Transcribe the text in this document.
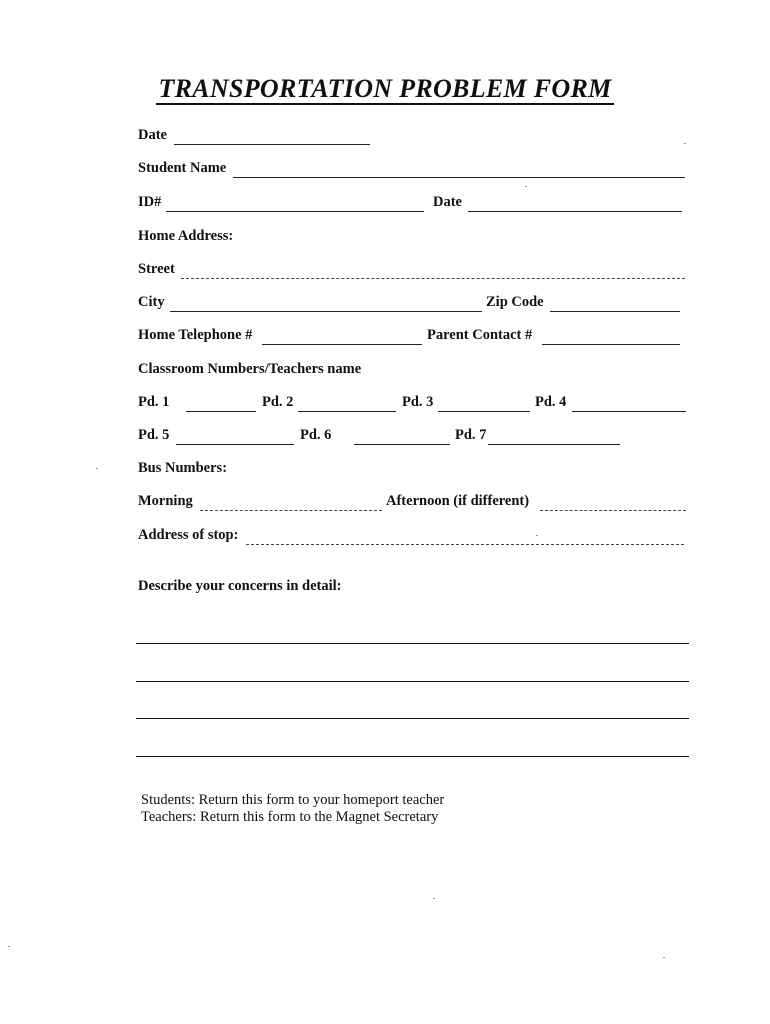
TRANSPORTATION PROBLEM FORM
Date
Student Name
ID#	Date
Home Address:
Street
City	Zip Code
Home Telephone #	Parent Contact #
Classroom Numbers/Teachers name
Pd. 1	Pd. 2	Pd. 3	Pd. 4
Pd. 5	Pd. 6	Pd. 7
Bus Numbers:
Morning	Afternoon (if different)
Address of stop:
Describe your concerns in detail:
Students: Return this form to your homeport teacher
Teachers: Return this form to the Magnet Secretary
